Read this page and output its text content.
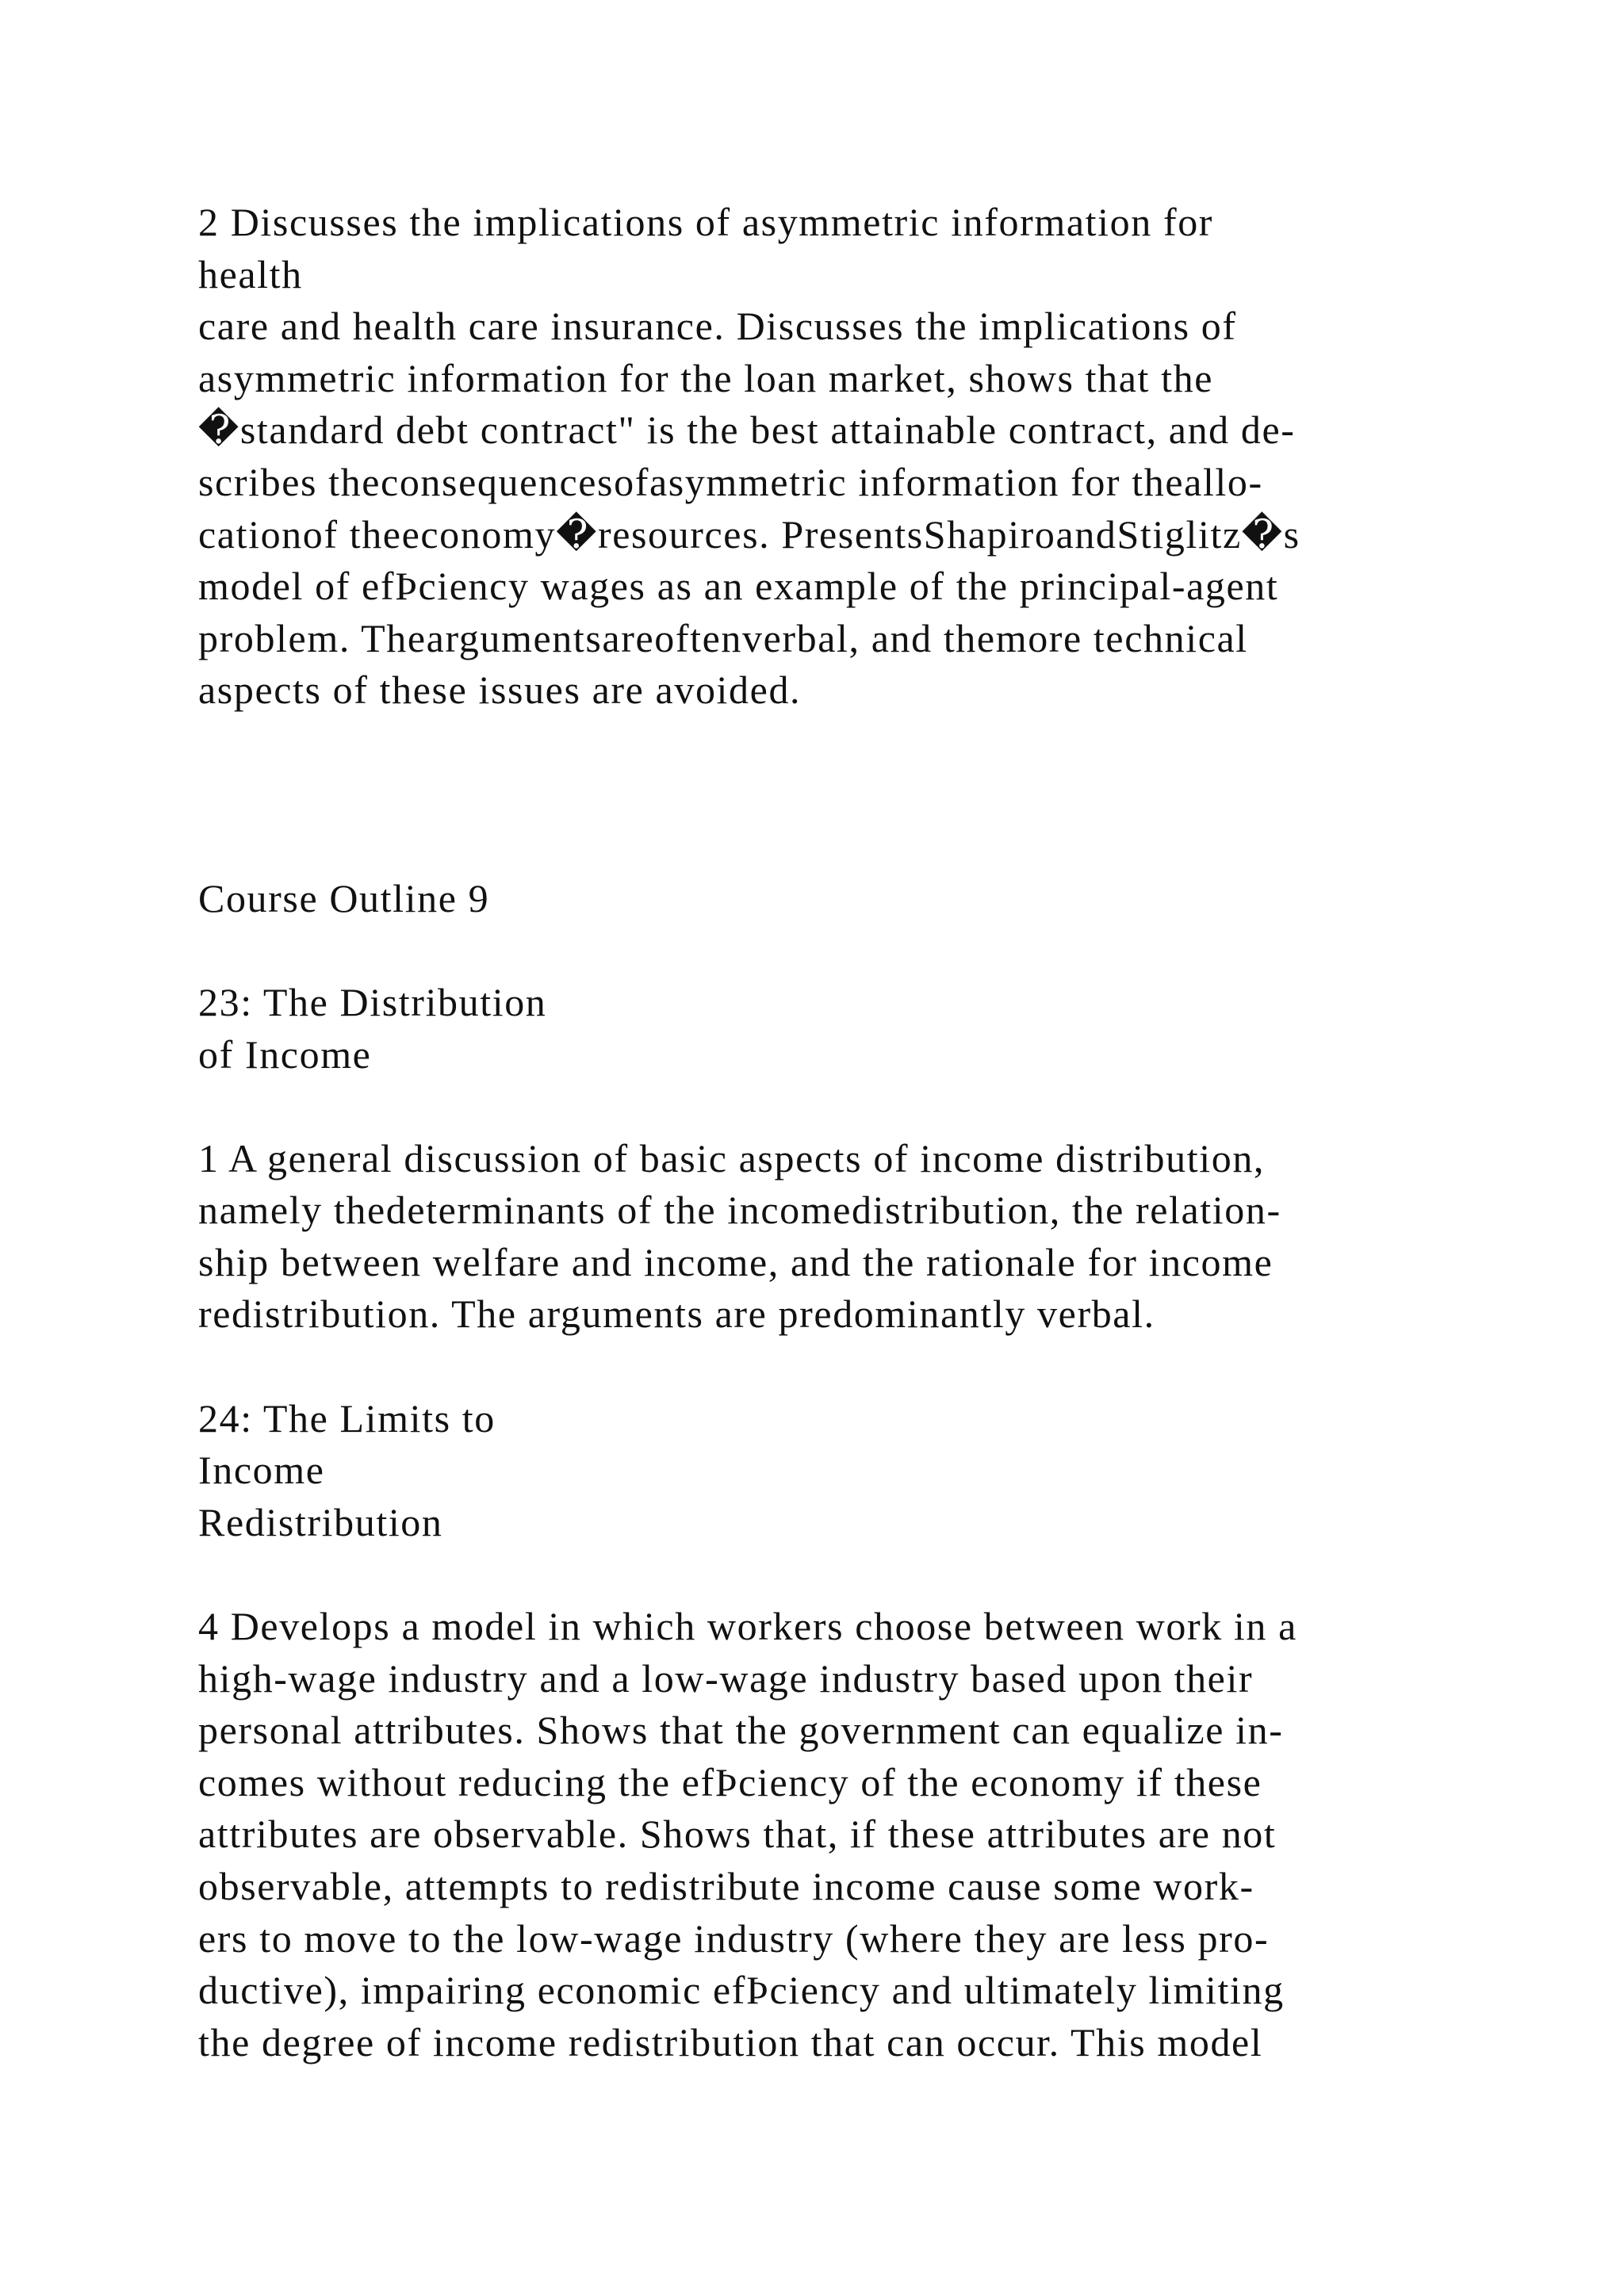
2 Discusses the implications of asymmetric information for
health
care and health care insurance. Discusses the implications of
asymmetric information for the loan market, shows that the
�standard debt contract" is the best attainable contract, and de-
scribes theconsequencesofasymmetric information for theallo-
cationof theeconomy�resources. PresentsShapiroandStiglitz�s
model of efÞciency wages as an example of the principal-agent
problem. Theargumentsareoftenverbal, and themore technical
aspects of these issues are avoided.
Course Outline 9
23: The Distribution
of Income
1 A general discussion of basic aspects of income distribution,
namely thedeterminants of the incomedistribution, the relation-
ship between welfare and income, and the rationale for income
redistribution. The arguments are predominantly verbal.
24: The Limits to
Income
Redistribution
4 Develops a model in which workers choose between work in a
high-wage industry and a low-wage industry based upon their
personal attributes. Shows that the government can equalize in-
comes without reducing the efÞciency of the economy if these
attributes are observable. Shows that, if these attributes are not
observable, attempts to redistribute income cause some work-
ers to move to the low-wage industry (where they are less pro-
ductive), impairing economic efÞciency and ultimately limiting
the degree of income redistribution that can occur. This model
